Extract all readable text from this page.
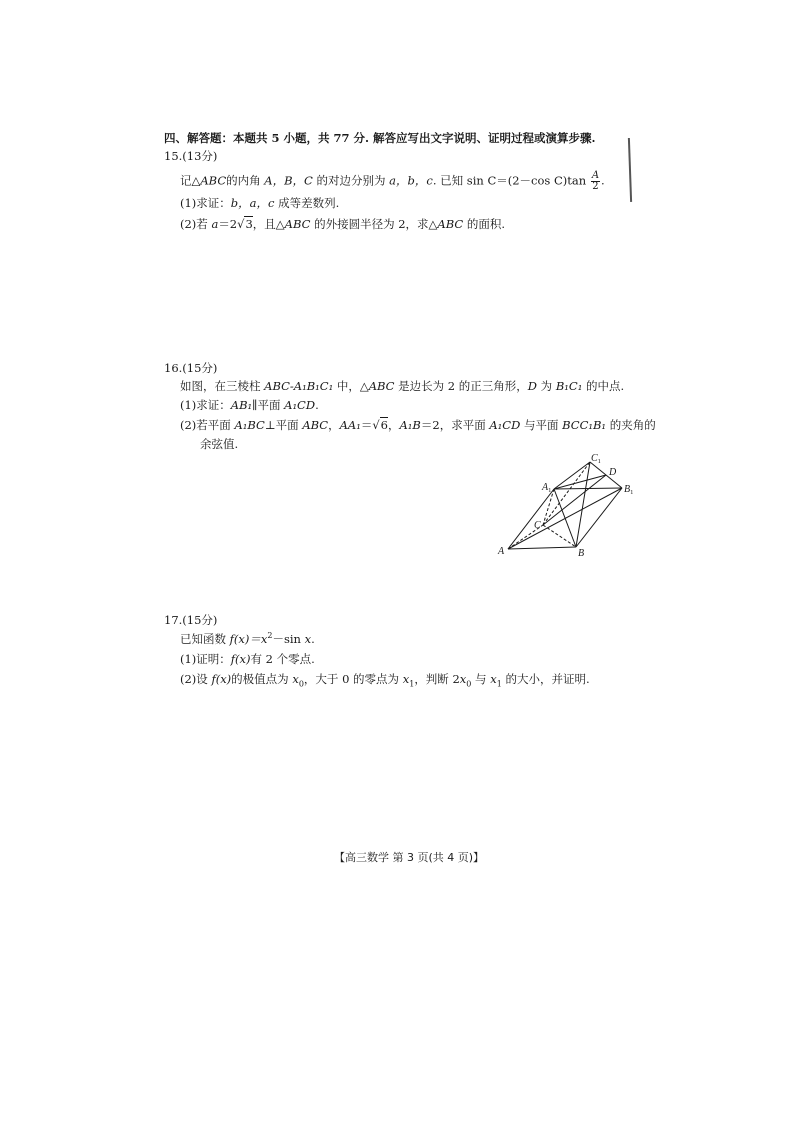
四、解答题：本题共 5 小题，共 77 分. 解答应写出文字说明、证明过程或演算步骤.
15.(13分)
记△ABC的内角 A，B，C 的对边分别为 a，b，c. 已知 sin C＝(2－cos $C)\tan \frac{A}{2}$ .
(1)求证：b，a，c 成等差数列.
(2)若 a＝2√3，且△ABC 的外接圆半径为 2，求△ABC 的面积.
16.(15分)
如图，在三棱柱 ABC-A₁B₁C₁ 中，△ABC 是边长为 2 的正三角形，D 为 B₁C₁ 的中点.
(1)求证：AB₁∥平面 A₁CD.
(2)若平面 A₁BC⊥平面 ABC，AA₁＝√6，A₁B＝2，求平面 A₁CD 与平面 BCC₁B₁ 的夹角的
余弦值.
A	B
C
$A_1$	$B_1$
$C_1$
D
17.(15分)
已知函数 $f(x)=x^2-\sin$ x.
(1)证明：f(x)有 2 个零点.
(2)设 f(x)的极值点为 $x_0$，大于 0 的零点为 $x_1$，判断 $2x_0$ 与 $x_1$ 的大小，并证明.
【高三数学 第 3 页(共 4 页)】
